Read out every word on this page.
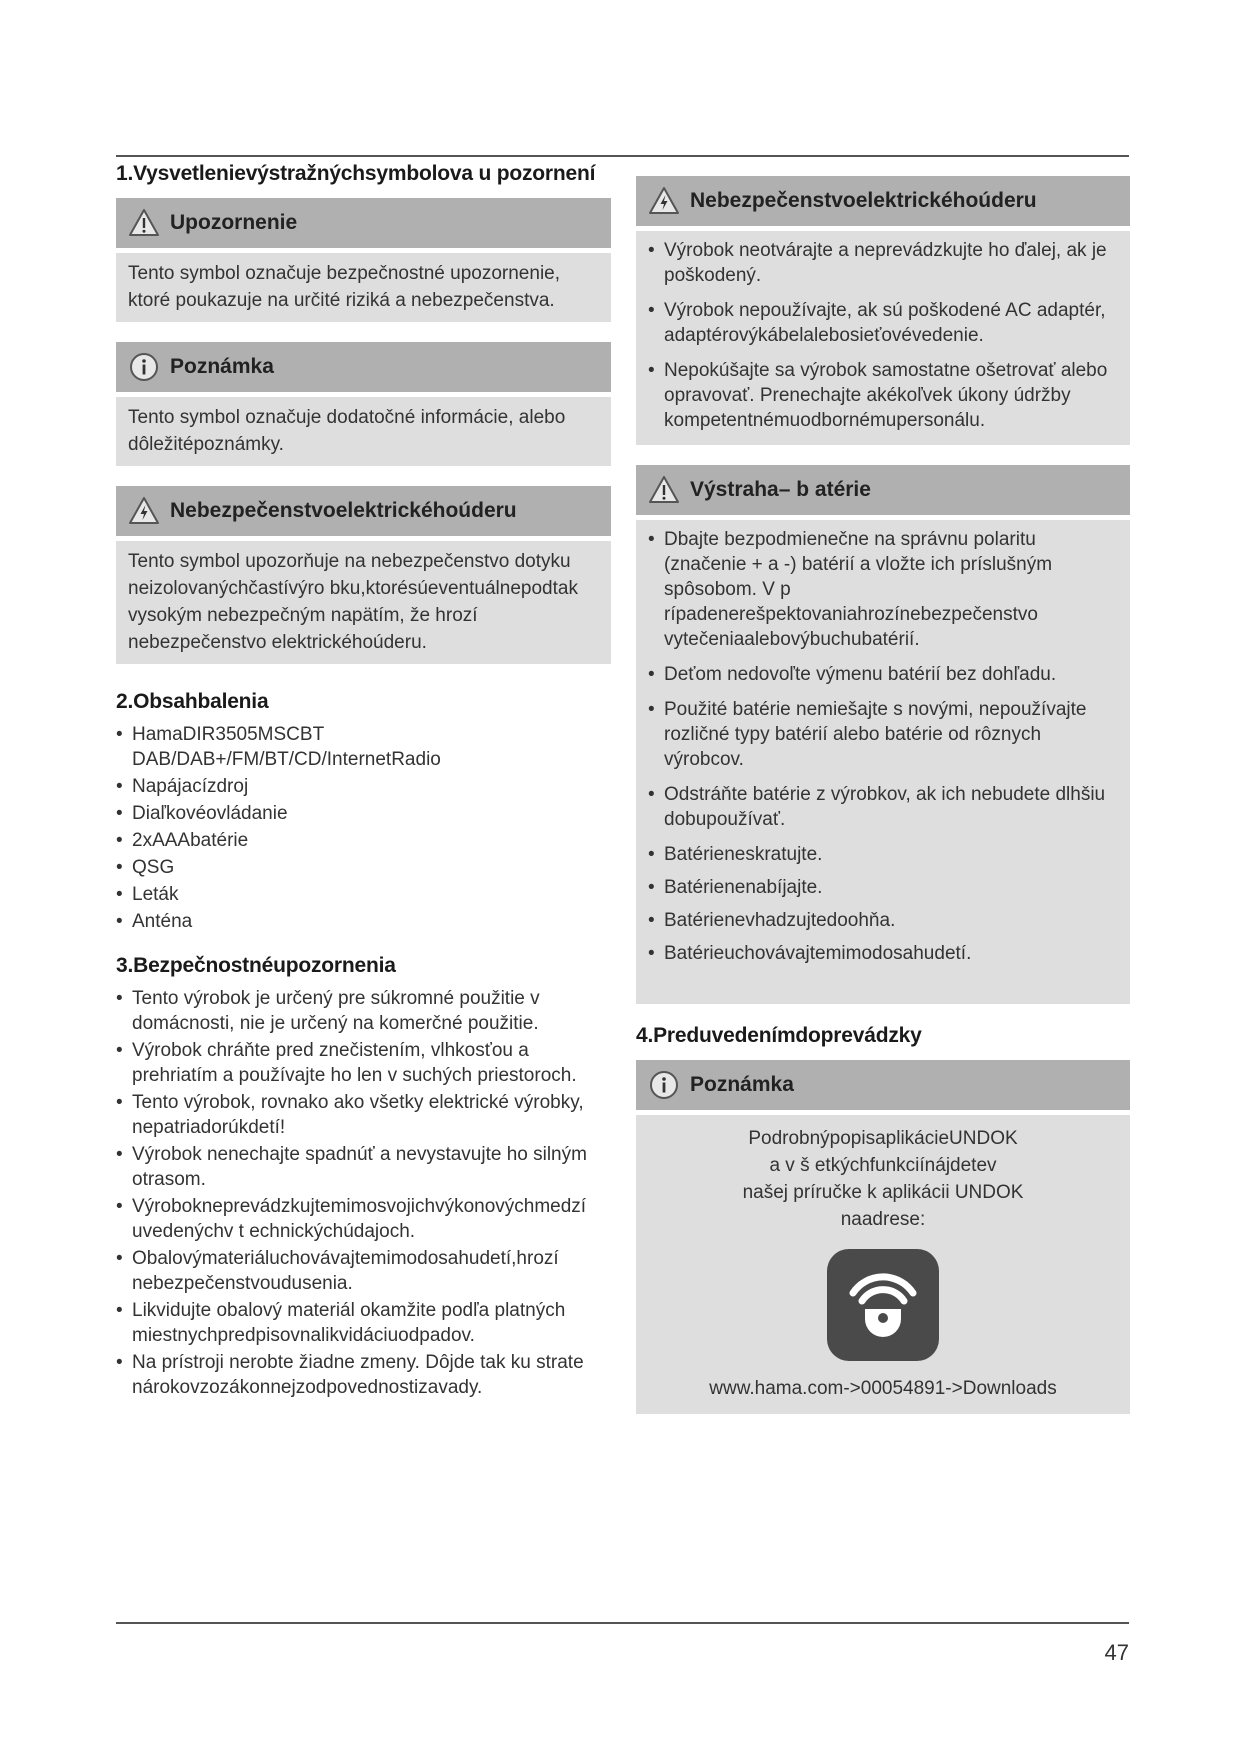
1.Vysvetlenievýstražnýchsymbolova u pozornení
Upozornenie

Tento symbol označuje bezpečnostné upozornenie, ktoré poukazuje na určité riziká a nebezpečenstva.

Poznámka

Tento symbol označuje dodatočné informácie, alebo dôležitépoznámky.

Nebezpečenstvoelektrickéhoúderu

Tento symbol upozorňuje na nebezpečenstvo dotyku neizolovanýchčastívýro bku,ktorésúeventuálnepodtak vysokým nebezpečným napätím, že hrozí nebezpečenstvo elektrickéhoúderu.

2.Obsahbalenia
• HamaDIR3505MSCBT DAB/DAB+/FM/BT/CD/InternetRadio
• Napájacízdroj
• Diaľkovéovládanie
• 2xAAAbatérie
• QSG
• Leták
• Anténa
3.Bezpečnostnéupozornenia
• Tento výrobok je určený pre súkromné použitie v domácnosti, nie je určený na komerčné použitie.
• Výrobok chráňte pred znečistením, vlhkosťou a prehriatím a používajte ho len v suchých priestoroch.
• Tento výrobok, rovnako ako všetky elektrické výrobky, nepatriadorúkdetí!
• Výrobok nenechajte spadnúť a nevystavujte ho silným otrasom.
• Výrobokneprevádzkujtemimosvojichvýkonovýchmedzí uvedenýchv t echnickýchúdajoch.
• Obalovýmateriáluchovávajtemimodosahudetí,hrozí nebezpečenstvoudusenia.
• Likvidujte obalový materiál okamžite podľa platných miestnychpredpisovnalikvidáciuodpadov.
• Na prístroji nerobte žiadne zmeny. Dôjde tak ku strate nárokovzozákonnejzodpovednostizavady.
Nebezpečenstvoelektrickéhoúderu
• Výrobok neotvárajte a neprevádzkujte ho ďalej, ak je poškodený.
• Výrobok nepoužívajte, ak sú poškodené AC adaptér, adaptérovýkábelalebosieťovévedenie.
• Nepokúšajte sa výrobok samostatne ošetrovať alebo opravovať. Prenechajte akékoľvek úkony údržby kompetentnémuodbornémupersonálu.
Výstraha– b atérie
• Dbajte bezpodmienečne na správnu polaritu (značenie + a -) batérií a vložte ich príslušným spôsobom. V p rípadenerešpektovaniahrozínebezpečenstvo vytečeniaalebovýbuchubatérií.
• Deťom nedovoľte výmenu batérií bez dohľadu.
• Použité batérie nemiešajte s novými, nepoužívajte rozličné typy batérií alebo batérie od rôznych výrobcov.
• Odstráňte batérie z výrobkov, ak ich nebudete dlhšiu dobupoužívať.
• Batérieneskratujte.
• Batérienenabíjajte.
• Batérienevhadzujtedoohňa.
• Batérieuchovávajtemimodosahudetí.
4.Preduvedenímdoprevádzky
Poznámka
PodrobnýpopisaplikácieUNDOK
a v š etkýchfunkciínájdetev
našej príručke k aplikácii UNDOK
naadrese:
www.hama.com->00054891->Downloads
47
